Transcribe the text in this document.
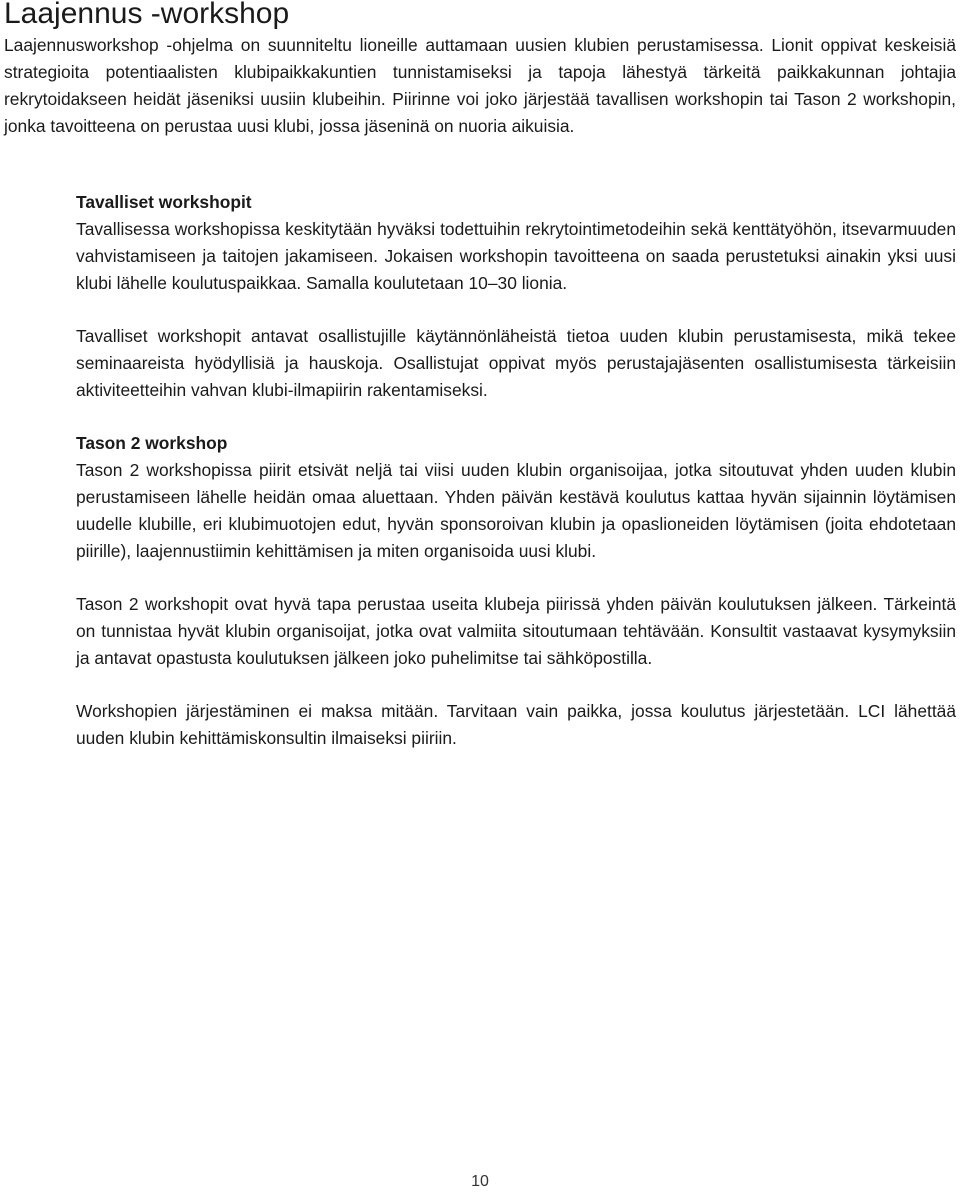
Laajennus -workshop

Laajennusworkshop -ohjelma on suunniteltu lioneille auttamaan uusien klubien perustamisessa. Lionit oppivat keskeisiä strategioita potentiaalisten klubipaikkakuntien tunnistamiseksi ja tapoja lähestyä tärkeitä paikkakunnan johtajia rekrytoidakseen heidät jäseniksi uusiin klubeihin. Piirinne voi joko järjestää tavallisen workshopin tai Tason 2 workshopin, jonka tavoitteena on perustaa uusi klubi, jossa jäseninä on nuoria aikuisia.

Tavalliset workshopit

Tavallisessa workshopissa keskitytään hyväksi todettuihin rekrytointimetodeihin sekä kenttätyöhön, itsevarmuuden vahvistamiseen ja taitojen jakamiseen. Jokaisen workshopin tavoitteena on saada perustetuksi ainakin yksi uusi klubi lähelle koulutuspaikkaa. Samalla koulutetaan 10–30 lionia.

Tavalliset workshopit antavat osallistujille käytännönläheistä tietoa uuden klubin perustamisesta, mikä tekee seminaareista hyödyllisiä ja hauskoja. Osallistujat oppivat myös perustajajäsenten osallistumisesta tärkeisiin aktiviteetteihin vahvan klubi-ilmapiirin rakentamiseksi.

Tason 2 workshop

Tason 2 workshopissa piirit etsivät neljä tai viisi uuden klubin organisoijaa, jotka sitoutuvat yhden uuden klubin perustamiseen lähelle heidän omaa aluettaan. Yhden päivän kestävä koulutus kattaa hyvän sijainnin löytämisen uudelle klubille, eri klubimuotojen edut, hyvän sponsoroivan klubin ja opaslioneiden löytämisen (joita ehdotetaan piirille), laajennustiimin kehittämisen ja miten organisoida uusi klubi.

Tason 2 workshopit ovat hyvä tapa perustaa useita klubeja piirissä yhden päivän koulutuksen jälkeen. Tärkeintä on tunnistaa hyvät klubin organisoijat, jotka ovat valmiita sitoutumaan tehtävään. Konsultit vastaavat kysymyksiin ja antavat opastusta koulutuksen jälkeen joko puhelimitse tai sähköpostilla.

Workshopien järjestäminen ei maksa mitään. Tarvitaan vain paikka, jossa koulutus järjestetään. LCI lähettää uuden klubin kehittämiskonsultin ilmaiseksi piiriin.

10
